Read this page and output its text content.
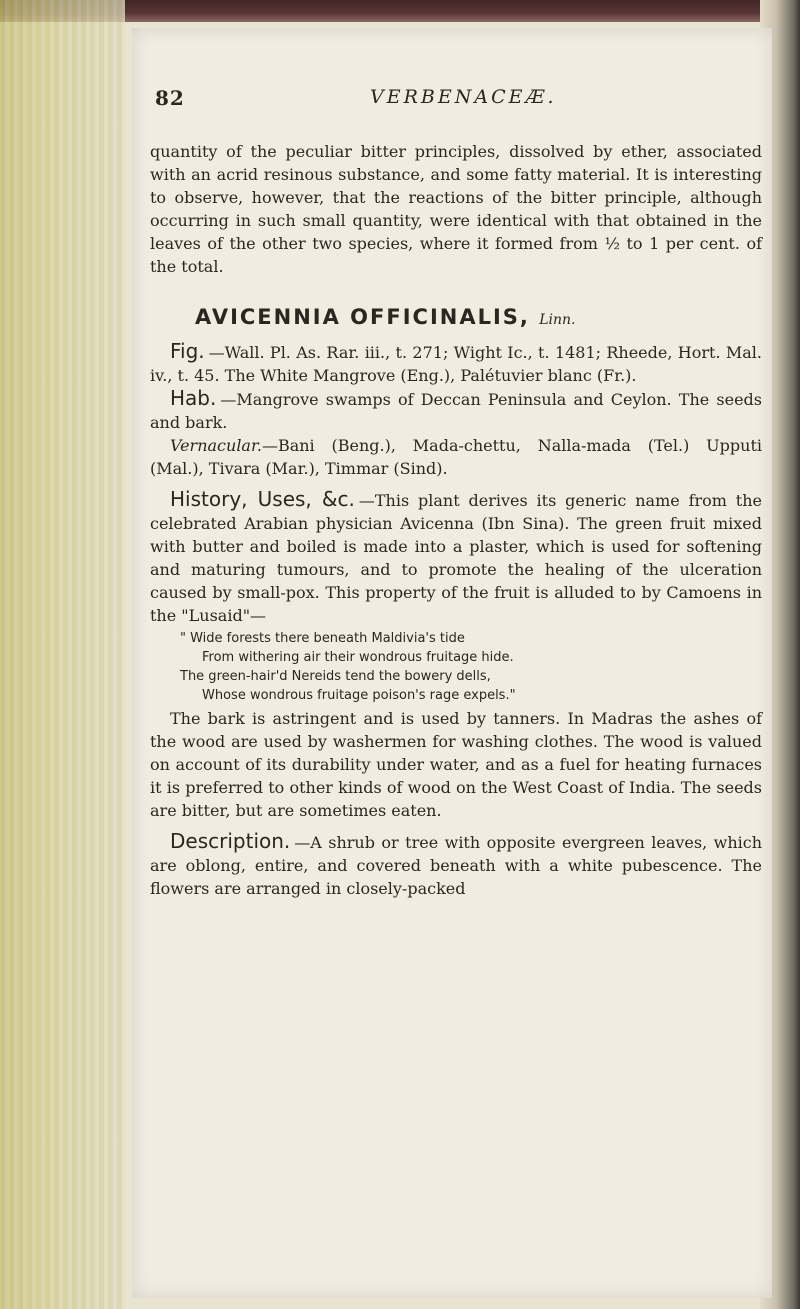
82	VERBENACEÆ.

quantity of the peculiar bitter principles, dissolved by ether, associated with an acrid resinous substance, and some fatty material. It is interesting to observe, however, that the reactions of the bitter principle, although occurring in such small quantity, were identical with that obtained in the leaves of the other two species, where it formed from ½ to 1 per cent. of the total.

AVICENNIA OFFICINALIS, Linn.

Fig. —Wall. Pl. As. Rar. iii., t. 271; Wight Ic., t. 1481; Rheede, Hort. Mal. iv., t. 45. The White Mangrove (Eng.), Palétuvier blanc (Fr.).

Hab. —Mangrove swamps of Deccan Peninsula and Ceylon. The seeds and bark.

Vernacular.—Bani (Beng.), Mada-chettu, Nalla-mada (Tel.) Upputi (Mal.), Tivara (Mar.), Timmar (Sind).

History, Uses, &c. —This plant derives its generic name from the celebrated Arabian physician Avicenna (Ibn Sina). The green fruit mixed with butter and boiled is made into a plaster, which is used for softening and maturing tumours, and to promote the healing of the ulceration caused by small-pox. This property of the fruit is alluded to by Camoens in the "Lusaid"—

" Wide forests there beneath Maldivia's tide
From withering air their wondrous fruitage hide.
The green-hair'd Nereids tend the bowery dells,
Whose wondrous fruitage poison's rage expels."

The bark is astringent and is used by tanners. In Madras the ashes of the wood are used by washermen for washing clothes. The wood is valued on account of its durability under water, and as a fuel for heating furnaces it is preferred to other kinds of wood on the West Coast of India. The seeds are bitter, but are sometimes eaten.

Description. —A shrub or tree with opposite evergreen leaves, which are oblong, entire, and covered beneath with a white pubescence. The flowers are arranged in closely-packed
